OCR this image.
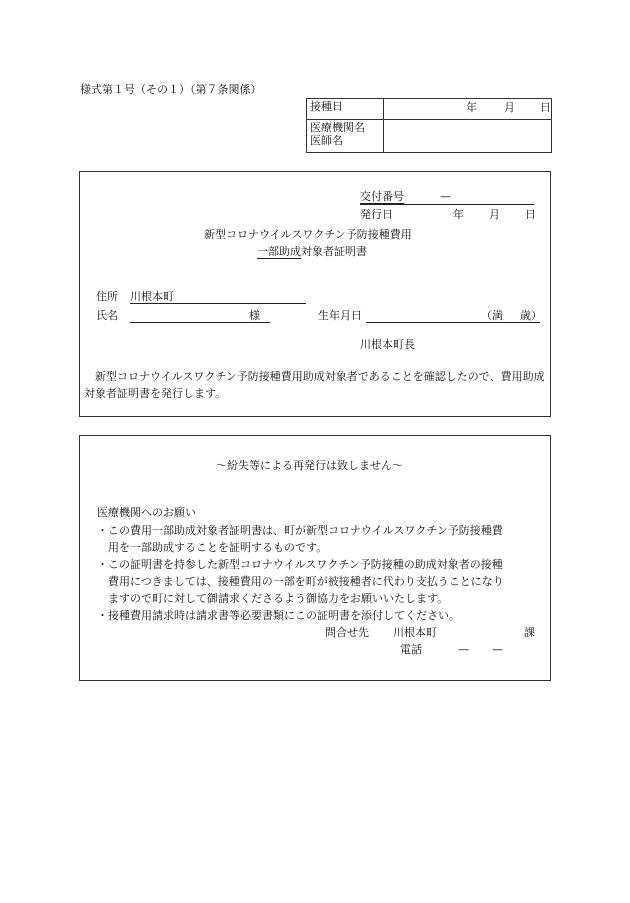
様式第１号（その１）（第７条関係）
接種日	年 月 日

医療機関名
医師名	

交付番号	—
発行日	年 月 日
新型コロナウイルスワクチン予防接種費用
一部助成対象者証明書
住所 川根本町
氏名	様	生年月日	（満 歳）
川根本町長
新型コロナウイルスワクチン予防接種費用助成対象者であることを確認したので、費用助成対象者証明書を発行します。
～紛失等による再発行は致しません～
医療機関へのお願い
・この費用一部助成対象者証明書は、町が新型コロナウイルスワクチン予防接種費
用を一部助成することを証明するものです。
・この証明書を持参した新型コロナウイルスワクチン予防接種の助成対象者の接種
費用につきましては、接種費用の一部を町が被接種者に代わり支払うことになり
ますので町に対して御請求くださるよう御協力をお願いいたします。
・接種費用請求時は請求書等必要書類にこの証明書を添付してください。
問合せ先 川根本町	課
電話	— —
